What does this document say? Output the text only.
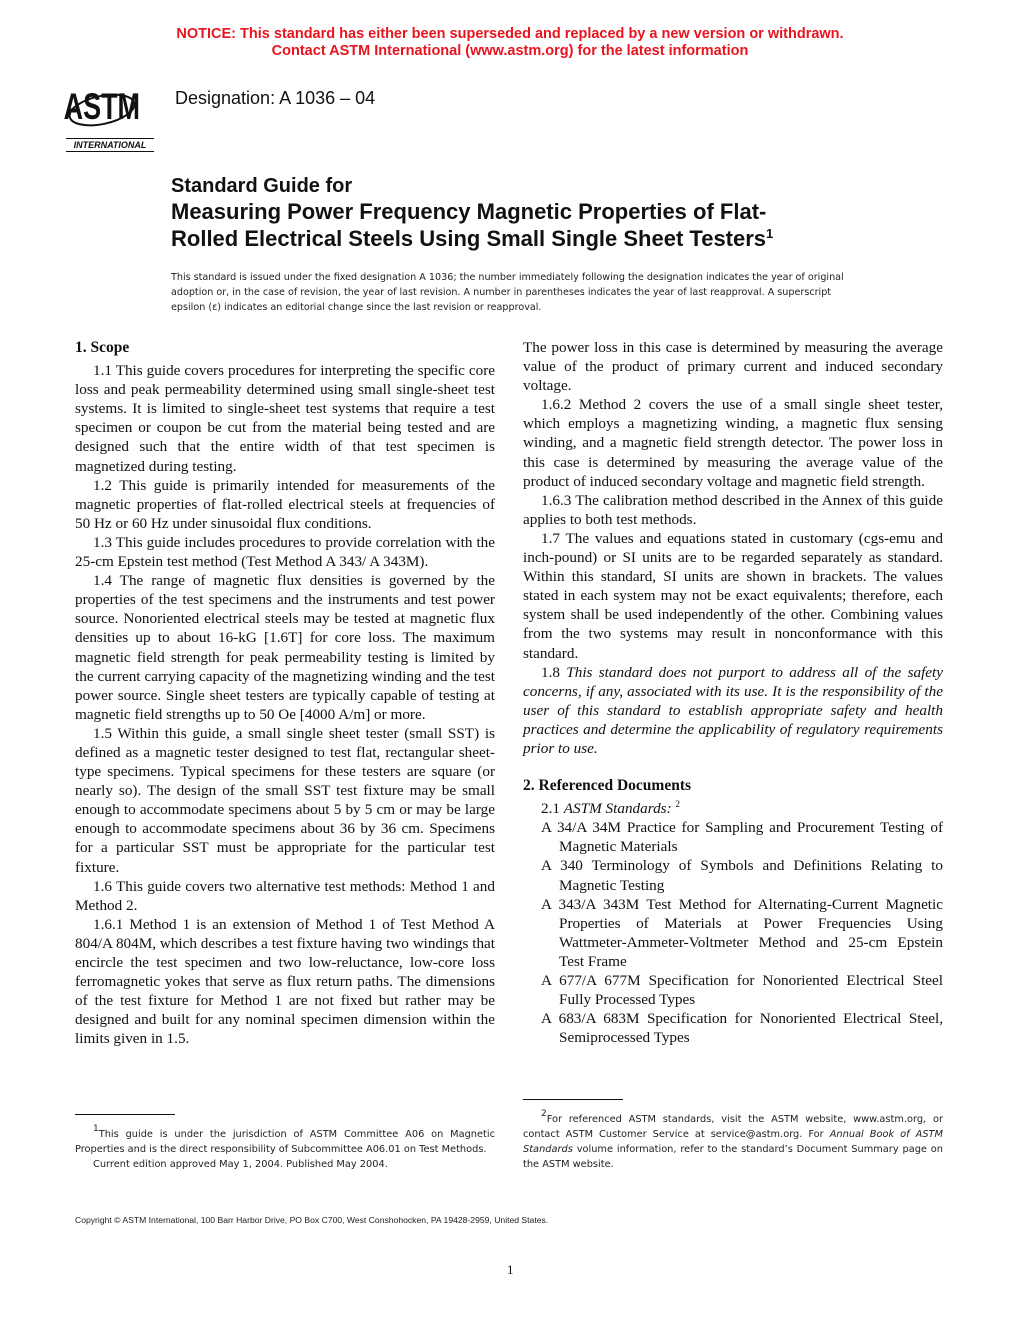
NOTICE: This standard has either been superseded and replaced by a new version or withdrawn.
Contact ASTM International (www.astm.org) for the latest information
ASTM
INTERNATIONAL
Designation: A 1036 – 04
Standard Guide for
Measuring Power Frequency Magnetic Properties of Flat-
Rolled Electrical Steels Using Small Single Sheet Testers$^1$
This standard is issued under the fixed designation A 1036; the number immediately following the designation indicates the year of original adoption or, in the case of revision, the year of last revision. A number in parentheses indicates the year of last reapproval. A superscript epsilon (ε) indicates an editorial change since the last revision or reapproval.
1. Scope

1.1 This guide covers procedures for interpreting the specific core loss and peak permeability determined using small single-sheet test systems. It is limited to single-sheet test systems that require a test specimen or coupon be cut from the material being tested and are designed such that the entire width of that test specimen is magnetized during testing.

1.2 This guide is primarily intended for measurements of the magnetic properties of flat-rolled electrical steels at frequencies of 50 Hz or 60 Hz under sinusoidal flux conditions.

1.3 This guide includes procedures to provide correlation with the 25-cm Epstein test method (Test Method A 343/ A 343M).

1.4 The range of magnetic flux densities is governed by the properties of the test specimens and the instruments and test power source. Nonoriented electrical steels may be tested at magnetic flux densities up to about 16-kG [1.6T] for core loss. The maximum magnetic field strength for peak permeability testing is limited by the current carrying capacity of the magnetizing winding and the test power source. Single sheet testers are typically capable of testing at magnetic field strengths up to 50 Oe [4000 A/m] or more.

1.5 Within this guide, a small single sheet tester (small SST) is defined as a magnetic tester designed to test flat, rectangular sheet-type specimens. Typical specimens for these testers are square (or nearly so). The design of the small SST test fixture may be small enough to accommodate specimens about 5 by 5 cm or may be large enough to accommodate specimens about 36 by 36 cm. Specimens for a particular SST must be appropriate for the particular test fixture.

1.6 This guide covers two alternative test methods: Method 1 and Method 2.

1.6.1 Method 1 is an extension of Method 1 of Test Method A 804/A 804M, which describes a test fixture having two windings that encircle the test specimen and two low-reluctance, low-core loss ferromagnetic yokes that serve as flux return paths. The dimensions of the test fixture for Method 1 are not fixed but rather may be designed and built for any nominal specimen dimension within the limits given in 1.5.

The power loss in this case is determined by measuring the average value of the product of primary current and induced secondary voltage.

1.6.2 Method 2 covers the use of a small single sheet tester, which employs a magnetizing winding, a magnetic flux sensing winding, and a magnetic field strength detector. The power loss in this case is determined by measuring the average value of the product of induced secondary voltage and magnetic field strength.

1.6.3 The calibration method described in the Annex of this guide applies to both test methods.

1.7 The values and equations stated in customary (cgs-emu and inch-pound) or SI units are to be regarded separately as standard. Within this standard, SI units are shown in brackets. The values stated in each system may not be exact equivalents; therefore, each system shall be used independently of the other. Combining values from the two systems may result in nonconformance with this standard.

1.8 This standard does not purport to address all of the safety concerns, if any, associated with its use. It is the responsibility of the user of this standard to establish appropriate safety and health practices and determine the applicability of regulatory requirements prior to use.

2. Referenced Documents

2.1 ASTM Standards: $^2$

A 34/A 34M Practice for Sampling and Procurement Testing of Magnetic Materials

A 340 Terminology of Symbols and Definitions Relating to Magnetic Testing

A 343/A 343M Test Method for Alternating-Current Magnetic Properties of Materials at Power Frequencies Using Wattmeter-Ammeter-Voltmeter Method and 25-cm Epstein Test Frame

A 677/A 677M Specification for Nonoriented Electrical Steel Fully Processed Types

A 683/A 683M Specification for Nonoriented Electrical Steel, Semiprocessed Types

1This guide is under the jurisdiction of ASTM Committee A06 on Magnetic Properties and is the direct responsibility of Subcommittee A06.01 on Test Methods.

Current edition approved May 1, 2004. Published May 2004.

2For referenced ASTM standards, visit the ASTM website, www.astm.org, or contact ASTM Customer Service at service@astm.org. For Annual Book of ASTM Standards volume information, refer to the standard’s Document Summary page on the ASTM website.

Copyright © ASTM International, 100 Barr Harbor Drive, PO Box C700, West Conshohocken, PA 19428-2959, United States.
1
